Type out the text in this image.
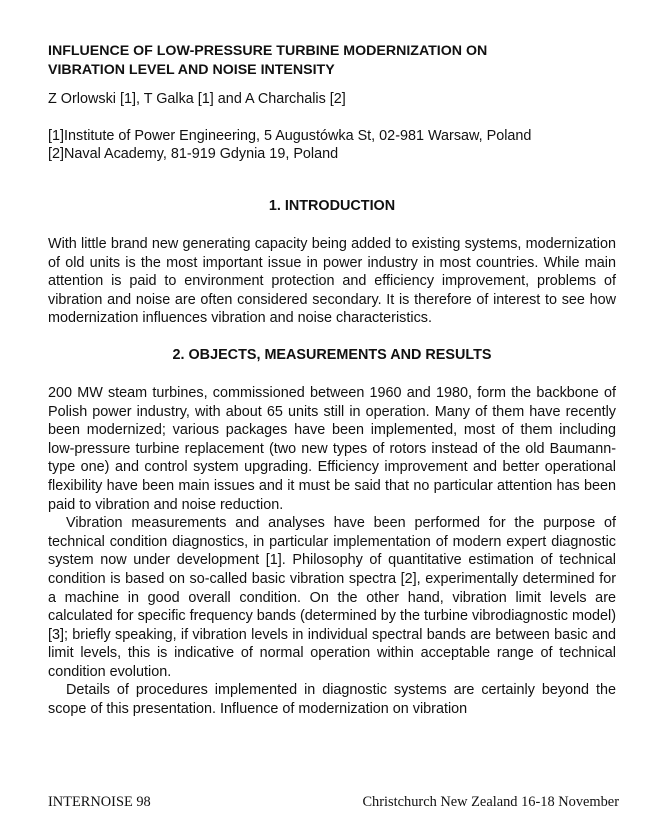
INFLUENCE OF LOW-PRESSURE TURBINE MODERNIZATION ON
VIBRATION LEVEL AND NOISE INTENSITY
Z Orlowski [1], T Galka [1] and A Charchalis [2]
[1]Institute of Power Engineering, 5 Augustówka St, 02-981 Warsaw, Poland
[2]Naval Academy, 81-919 Gdynia 19, Poland
1. INTRODUCTION

With little brand new generating capacity being added to existing systems, modernization of old units is the most important issue in power industry in most countries. While main attention is paid to environment protection and efficiency improvement, problems of vibration and noise are often considered secondary. It is therefore of interest to see how modernization influences vibration and noise characteristics.

2. OBJECTS, MEASUREMENTS AND RESULTS

200 MW steam turbines, commissioned between 1960 and 1980, form the backbone of Polish power industry, with about 65 units still in operation. Many of them have recently been modernized; various packages have been implemented, most of them including low-pressure turbine replacement (two new types of rotors instead of the old Baumann-type one) and control system upgrading. Efficiency improvement and better operational flexibility have been main issues and it must be said that no particular attention has been paid to vibration and noise reduction.

Vibration measurements and analyses have been performed for the purpose of technical condition diagnostics, in particular implementation of modern expert diagnostic system now under development [1]. Philosophy of quantitative estimation of technical condition is based on so-called basic vibration spectra [2], experimentally determined for a machine in good overall condition. On the other hand, vibration limit levels are calculated for specific frequency bands (determined by the turbine vibrodiagnostic model) [3]; briefly speaking, if vibration levels in individual spectral bands are between basic and limit levels, this is indicative of normal operation within acceptable range of technical condition evolution.

Details of procedures implemented in diagnostic systems are certainly beyond the scope of this presentation. Influence of modernization on vibration

INTERNOISE 98	Christchurch New Zealand 16-18 November
